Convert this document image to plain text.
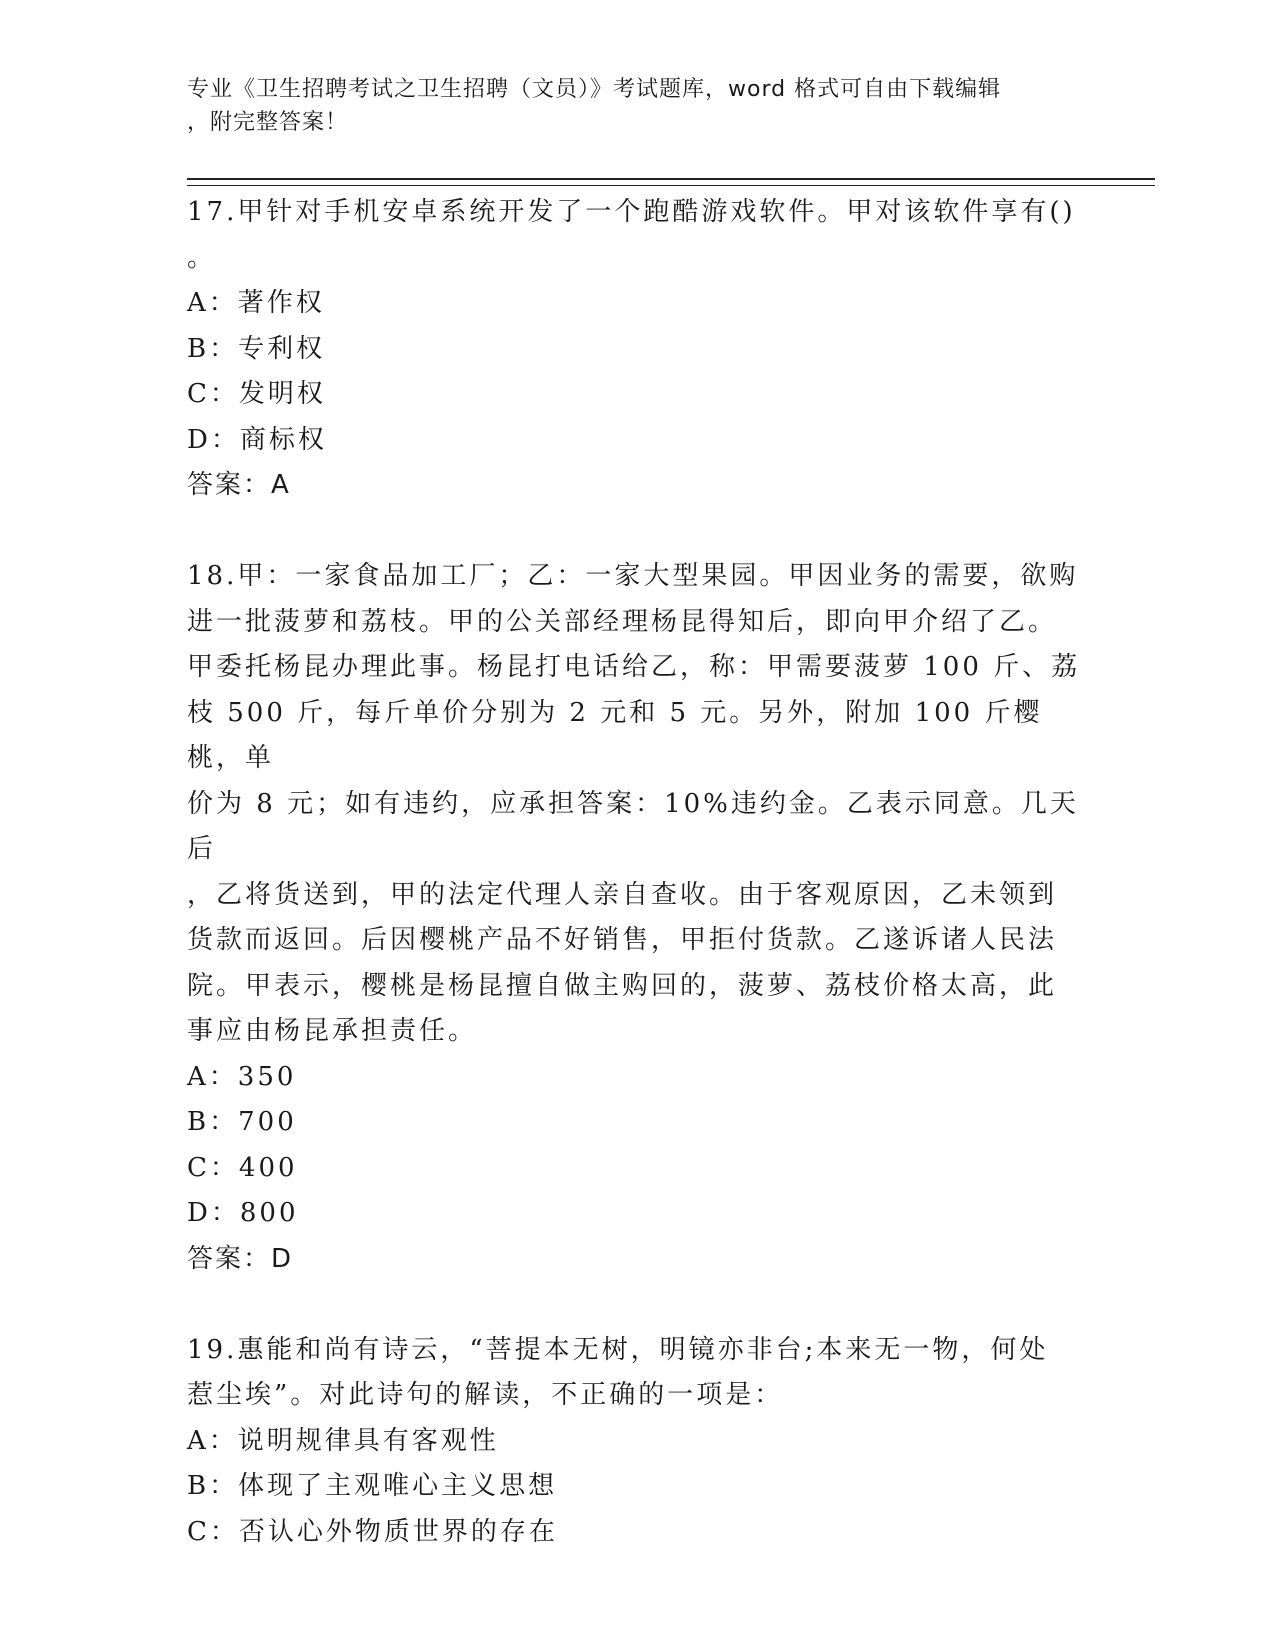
专业《卫生招聘考试之卫生招聘（文员）》考试题库，word 格式可自由下载编辑
，附完整答案！

17.甲针对手机安卓系统开发了一个跑酷游戏软件。甲对该软件享有()
。

A：著作权

B：专利权

C：发明权

D：商标权

答案：A

18.甲：一家食品加工厂；乙：一家大型果园。甲因业务的需要，欲购
进一批菠萝和荔枝。甲的公关部经理杨昆得知后，即向甲介绍了乙。
甲委托杨昆办理此事。杨昆打电话给乙，称：甲需要菠萝 100 斤、荔
枝 500 斤，每斤单价分别为 2 元和 5 元。另外，附加 100 斤樱桃，单
价为 8 元；如有违约，应承担答案：10%违约金。乙表示同意。几天后
，乙将货送到，甲的法定代理人亲自查收。由于客观原因，乙未领到
货款而返回。后因樱桃产品不好销售，甲拒付货款。乙遂诉诸人民法
院。甲表示，樱桃是杨昆擅自做主购回的，菠萝、荔枝价格太高，此
事应由杨昆承担责任。

A：350

B：700

C：400

D：800

答案：D

19.惠能和尚有诗云，“菩提本无树，明镜亦非台;本来无一物，何处
惹尘埃”。对此诗句的解读，不正确的一项是：

A：说明规律具有客观性

B：体现了主观唯心主义思想

C：否认心外物质世界的存在
